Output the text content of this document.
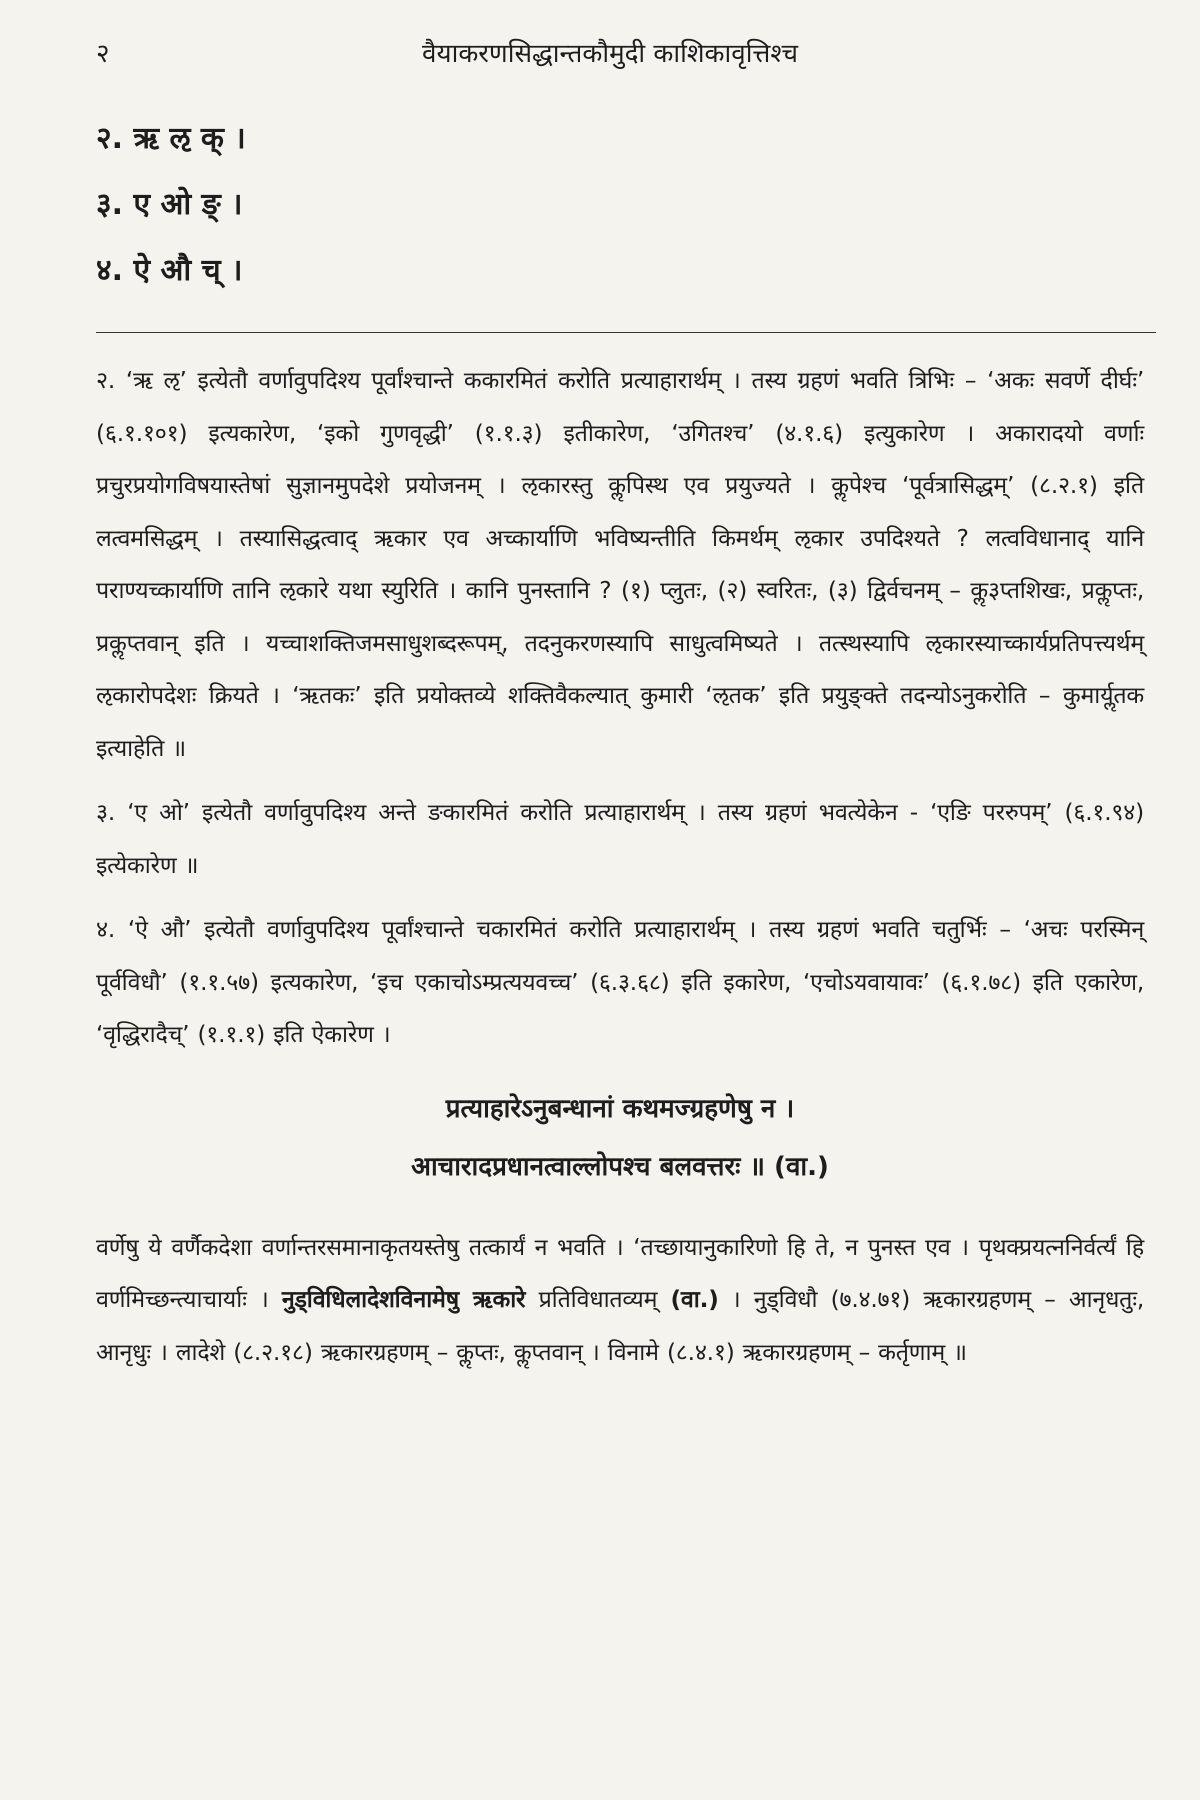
२	वैयाकरणसिद्धान्तकौमुदी काशिकावृत्तिश्च
२. ऋ ऌ क् ।
३. ए ओ ङ् ।
४. ऐ औ च् ।

२. ‘ऋ ऌ’ इत्येतौ वर्णावुपदिश्य पूर्वांश्चान्ते ककारमितं करोति प्रत्याहारार्थम् । तस्य ग्रहणं भवति त्रिभिः – ‘अकः सवर्णे दीर्घः’ (६.१.१०१) इत्यकारेण, ‘इको गुणवृद्धी’ (१.१.३) इतीकारेण, ‘उगितश्च’ (४.१.६) इत्युकारेण । अकारादयो वर्णाः प्रचुरप्रयोगविषयास्तेषां सुज्ञानमुपदेशे प्रयोजनम् । ऌकारस्तु कॢपिस्थ एव प्रयुज्यते । कॢपेश्च ‘पूर्वत्रासिद्धम्’ (८.२.१) इति लत्वमसिद्धम् । तस्यासिद्धत्वाद् ऋकार एव अच्कार्याणि भविष्यन्तीति किमर्थम् ऌकार उपदिश्यते ? लत्वविधानाद् यानि पराण्यच्कार्याणि तानि ऌकारे यथा स्युरिति । कानि पुनस्तानि ? (१) प्लुतः, (२) स्वरितः, (३) द्विर्वचनम् – कॢ३प्तशिखः, प्रकॢप्तः, प्रकॢप्तवान् इति । यच्चाशक्तिजमसाधुशब्दरूपम्, तदनुकरणस्यापि साधुत्वमिष्यते । तत्स्थस्यापि ऌकारस्याच्कार्यप्रतिपत्त्यर्थम् ऌकारोपदेशः क्रियते । ‘ऋतकः’ इति प्रयोक्तव्ये शक्तिवैकल्यात् कुमारी ‘ऌतक’ इति प्रयुङ्क्ते तदन्योऽनुकरोति – कुमार्यॢतक इत्याहेति ॥

३. ‘ए ओ’ इत्येतौ वर्णावुपदिश्य अन्ते ङकारमितं करोति प्रत्याहारार्थम् । तस्य ग्रहणं भवत्येकेन - ‘एङि पररुपम्’ (६.१.९४) इत्येकारेण ॥

४. ‘ऐ औ’ इत्येतौ वर्णावुपदिश्य पूर्वांश्चान्ते चकारमितं करोति प्रत्याहारार्थम् । तस्य ग्रहणं भवति चतुर्भिः – ‘अचः परस्मिन् पूर्वविधौ’ (१.१.५७) इत्यकारेण, ‘इच एकाचोऽम्प्रत्ययवच्च’ (६.३.६८) इति इकारेण, ‘एचोऽयवायावः’ (६.१.७८) इति एकारेण, ‘वृद्धिरादैच्’ (१.१.१) इति ऐकारेण ।

प्रत्याहारेऽनुबन्धानां कथमज्ग्रहणेषु न ।
आचारादप्रधानत्वाल्लोपश्च बलवत्तरः ॥ (वा.)

वर्णेषु ये वर्णैकदेशा वर्णान्तरसमानाकृतयस्तेषु तत्कार्यं न भवति । ‘तच्छायानुकारिणो हि ते, न पुनस्त एव । पृथक्प्रयत्ननिर्वर्त्यं हि वर्णमिच्छन्त्याचार्याः । नुड्विधिलादेशविनामेषु ऋकारे प्रतिविधातव्यम् (वा.) । नुड्विधौ (७.४.७१) ऋकारग्रहणम् – आनृधतुः, आनृधुः । लादेशे (८.२.१८) ऋकारग्रहणम् – कॢप्तः, कॢप्तवान् । विनामे (८.४.१) ऋकारग्रहणम् – कर्तृणाम् ॥
